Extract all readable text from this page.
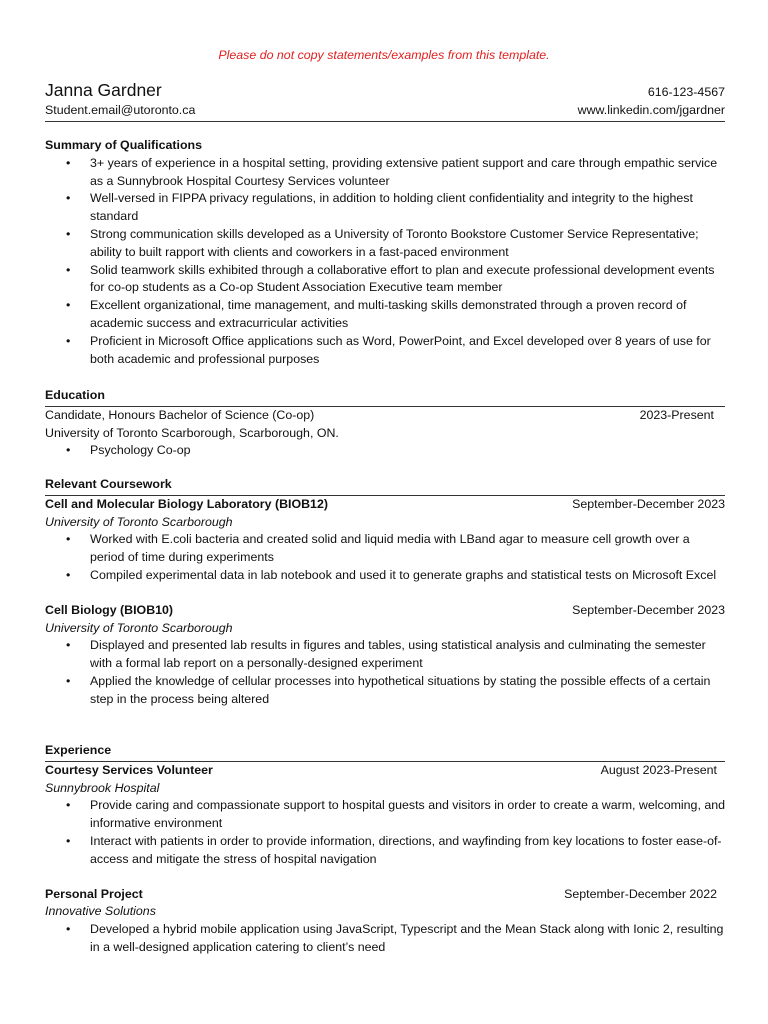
Please do not copy statements/examples from this template.
Janna Gardner	616-123-4567
Student.email@utoronto.ca	www.linkedin.com/jgardner
Summary of Qualifications
• 3+ years of experience in a hospital setting, providing extensive patient support and care through empathic service as a Sunnybrook Hospital Courtesy Services volunteer
• Well-versed in FIPPA privacy regulations, in addition to holding client confidentiality and integrity to the highest standard
• Strong communication skills developed as a University of Toronto Bookstore Customer Service Representative; ability to built rapport with clients and coworkers in a fast-paced environment
• Solid teamwork skills exhibited through a collaborative effort to plan and execute professional development events for co-op students as a Co-op Student Association Executive team member
• Excellent organizational, time management, and multi-tasking skills demonstrated through a proven record of academic success and extracurricular activities
• Proficient in Microsoft Office applications such as Word, PowerPoint, and Excel developed over 8 years of use for both academic and professional purposes
Education
Candidate, Honours Bachelor of Science (Co-op)	2023-Present
University of Toronto Scarborough, Scarborough, ON.
• Psychology Co-op
Relevant Coursework
Cell and Molecular Biology Laboratory (BIOB12)	September-December 2023
University of Toronto Scarborough
• Worked with E.coli bacteria and created solid and liquid media with LBand agar to measure cell growth over a period of time during experiments
• Compiled experimental data in lab notebook and used it to generate graphs and statistical tests on Microsoft Excel
Cell Biology (BIOB10)	September-December 2023
University of Toronto Scarborough
• Displayed and presented lab results in figures and tables, using statistical analysis and culminating the semester with a formal lab report on a personally-designed experiment
• Applied the knowledge of cellular processes into hypothetical situations by stating the possible effects of a certain step in the process being altered
Experience
Courtesy Services Volunteer	August 2023-Present
Sunnybrook Hospital
• Provide caring and compassionate support to hospital guests and visitors in order to create a warm, welcoming, and informative environment
• Interact with patients in order to provide information, directions, and wayfinding from key locations to foster ease-of-access and mitigate the stress of hospital navigation
Personal Project	September-December 2022
Innovative Solutions
• Developed a hybrid mobile application using JavaScript, Typescript and the Mean Stack along with Ionic 2, resulting in a well-designed application catering to client’s need
